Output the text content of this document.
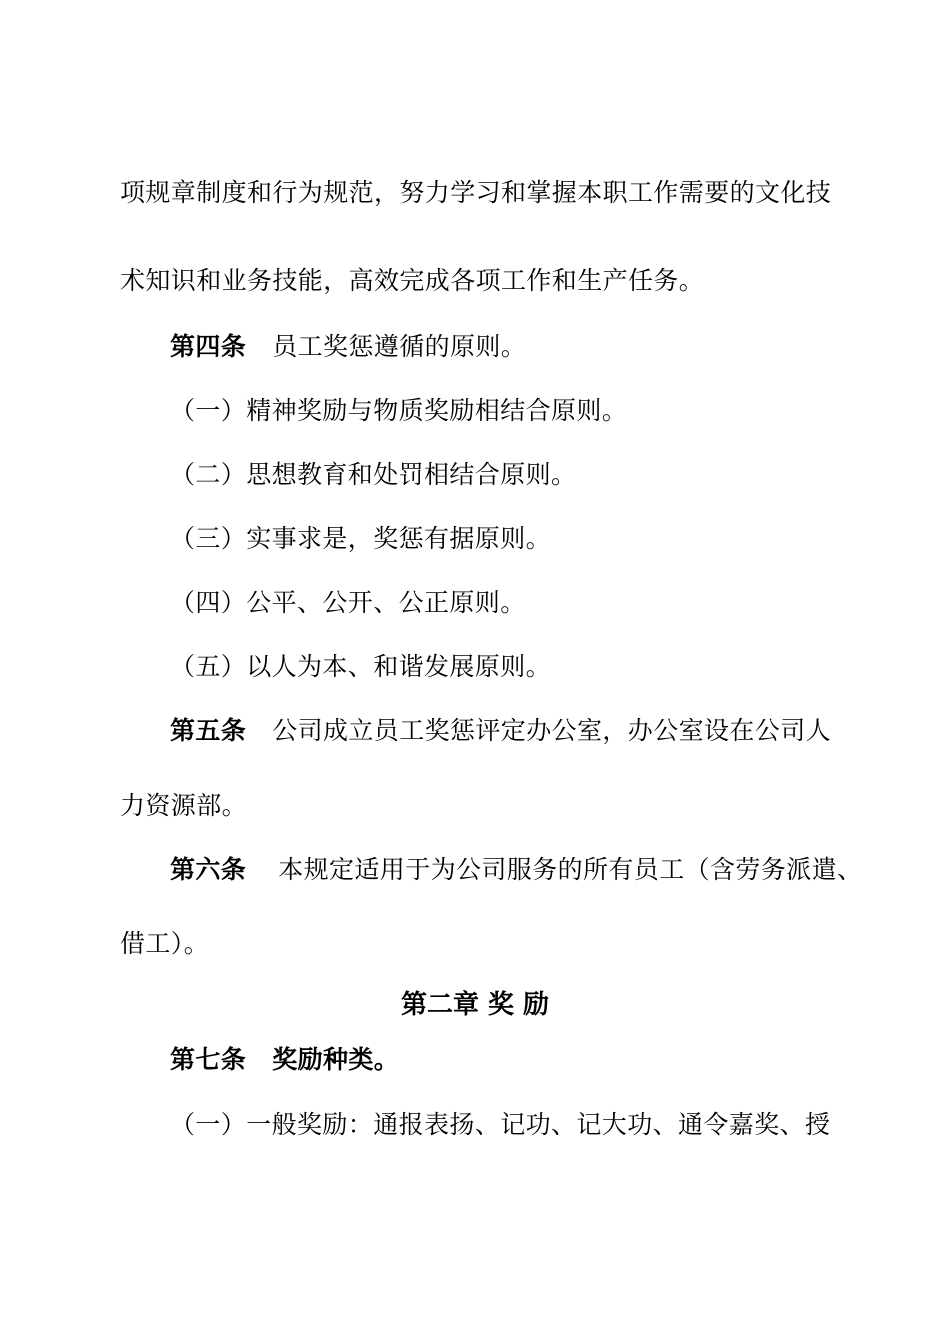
项规章制度和行为规范，努力学习和掌握本职工作需要的文化技
术知识和业务技能，高效完成各项工作和生产任务。
第四条 员工奖惩遵循的原则。
（一）精神奖励与物质奖励相结合原则。
（二）思想教育和处罚相结合原则。
（三）实事求是，奖惩有据原则。
（四）公平、公开、公正原则。
（五）以人为本、和谐发展原则。
第五条 公司成立员工奖惩评定办公室，办公室设在公司人
力资源部。
第六条 本规定适用于为公司服务的所有员工（含劳务派遣、
借工）。
第二章 奖 励
第七条 奖励种类。
（一）一般奖励：通报表扬、记功、记大功、通令嘉奖、授
